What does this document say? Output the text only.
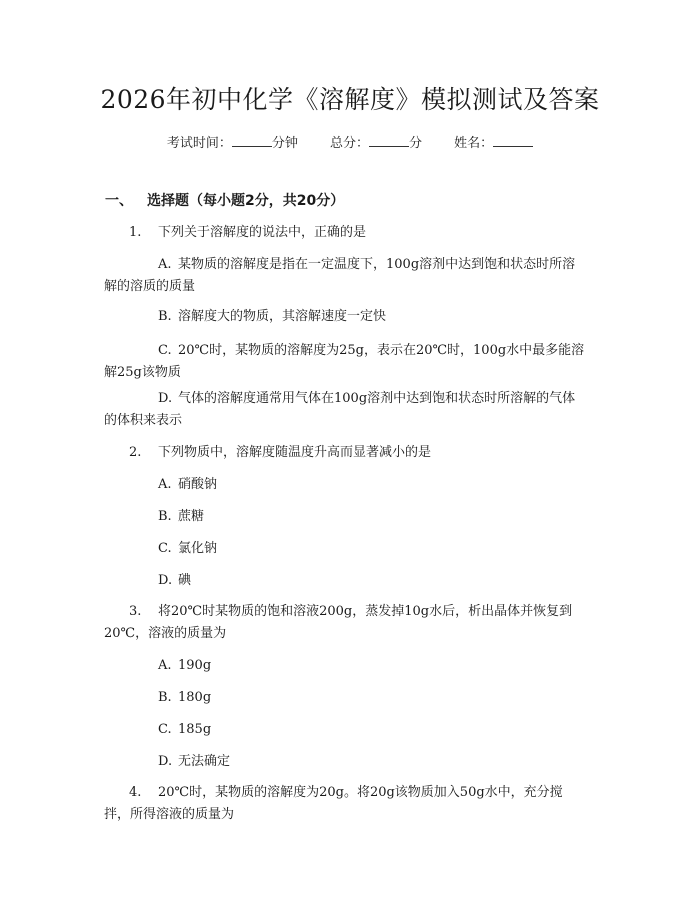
2026年初中化学《溶解度》模拟测试及答案
考试时间：	分钟 总分：	分 姓名：
一、 选择题（每小题2分，共20分）
1. 下列关于溶解度的说法中，正确的是
A. 某物质的溶解度是指在一定温度下，100g溶剂中达到饱和状态时所溶
解的溶质的质量
B. 溶解度大的物质，其溶解速度一定快
C. 20℃时，某物质的溶解度为25g，表示在20℃时，100g水中最多能溶
解25g该物质
D. 气体的溶解度通常用气体在100g溶剂中达到饱和状态时所溶解的气体
的体积来表示
2. 下列物质中，溶解度随温度升高而显著减小的是
A. 硝酸钠
B. 蔗糖
C. 氯化钠
D. 碘
3. 将20℃时某物质的饱和溶液200g，蒸发掉10g水后，析出晶体并恢复到
20℃，溶液的质量为
A. 190g
B. 180g
C. 185g
D. 无法确定
4. 20℃时，某物质的溶解度为20g。将20g该物质加入50g水中，充分搅
拌，所得溶液的质量为
